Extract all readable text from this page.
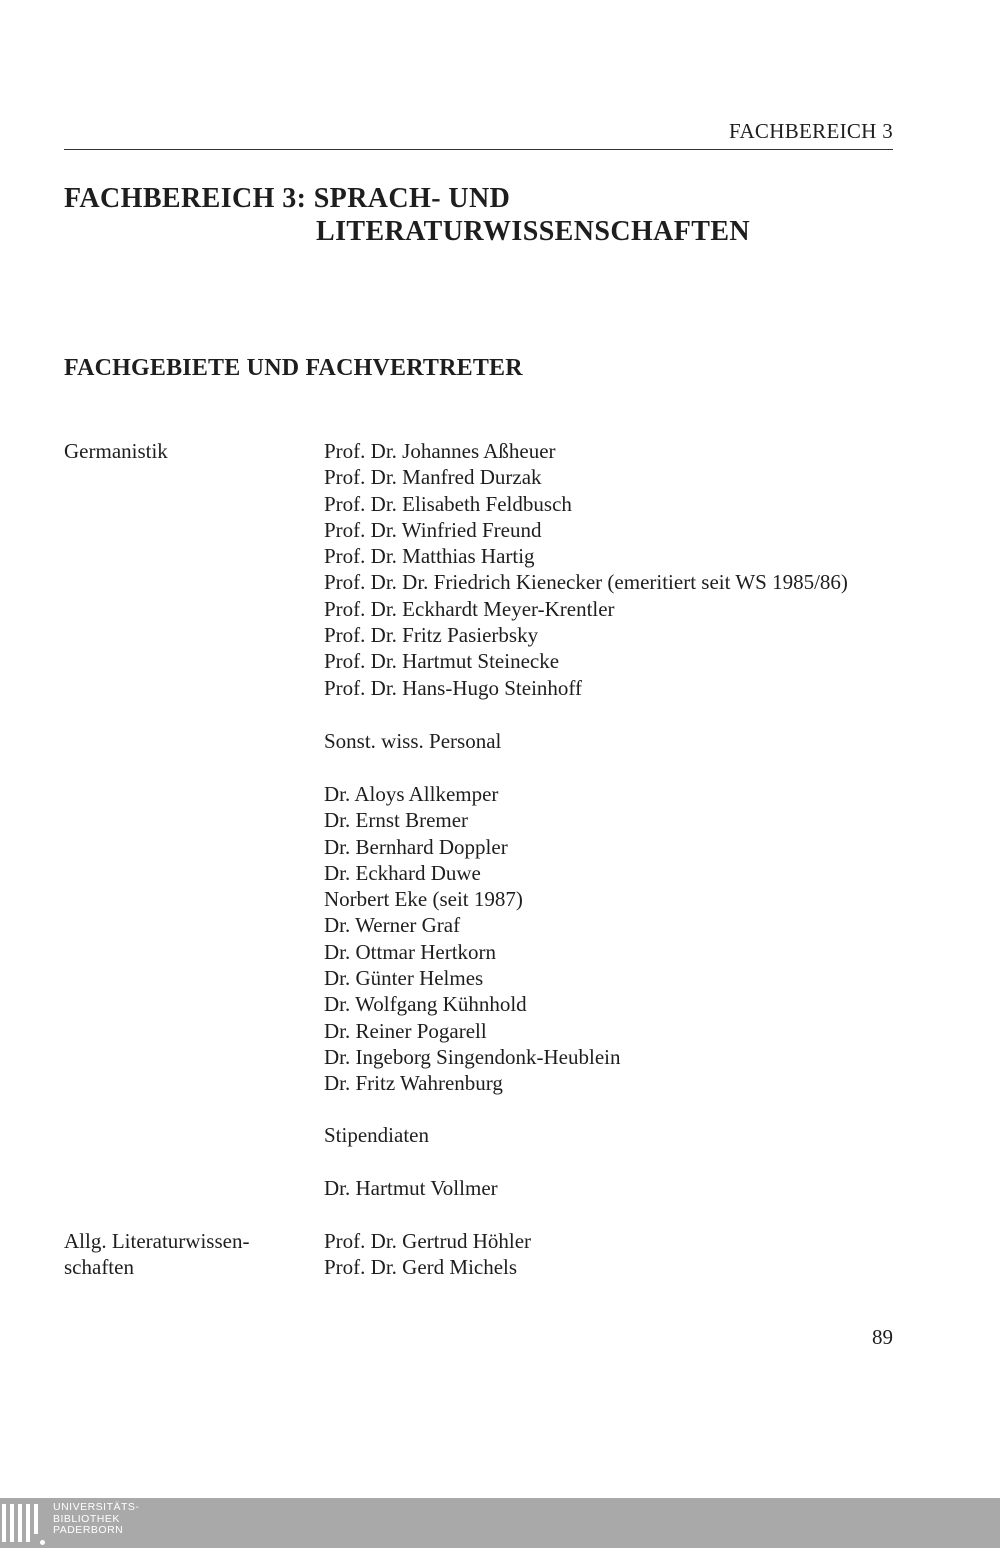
FACHBEREICH 3
FACHBEREICH 3: SPRACH- UND
LITERATURWISSENSCHAFTEN
FACHGEBIETE UND FACHVERTRETER
Germanistik	Prof. Dr. Johannes Aßheuer
Prof. Dr. Manfred Durzak
Prof. Dr. Elisabeth Feldbusch
Prof. Dr. Winfried Freund
Prof. Dr. Matthias Hartig
Prof. Dr. Dr. Friedrich Kienecker (emeritiert seit WS 1985/86)
Prof. Dr. Eckhardt Meyer-Krentler
Prof. Dr. Fritz Pasierbsky
Prof. Dr. Hartmut Steinecke
Prof. Dr. Hans-Hugo Steinhoff
Sonst. wiss. Personal
Dr. Aloys Allkemper
Dr. Ernst Bremer
Dr. Bernhard Doppler
Dr. Eckhard Duwe
Norbert Eke (seit 1987)
Dr. Werner Graf
Dr. Ottmar Hertkorn
Dr. Günter Helmes
Dr. Wolfgang Kühnhold
Dr. Reiner Pogarell
Dr. Ingeborg Singendonk-Heublein
Dr. Fritz Wahrenburg
Stipendiaten
Dr. Hartmut Vollmer
Allg. Literaturwissen-
schaften
Prof. Dr. Gertrud Höhler
Prof. Dr. Gerd Michels
89
UNIVERSITÄTS-
BIBLIOTHEK
PADERBORN
